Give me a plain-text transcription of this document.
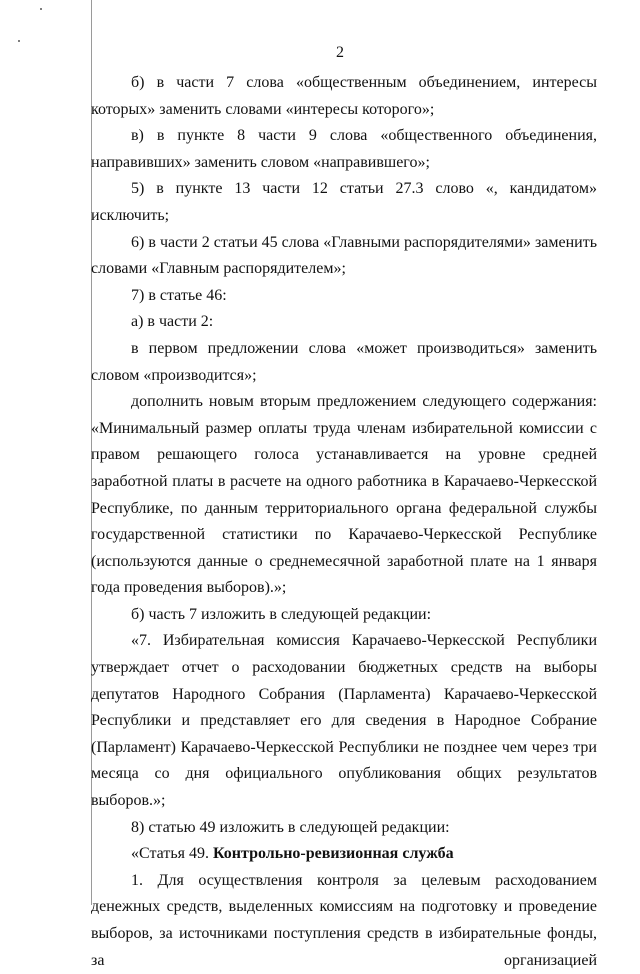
2

б) в части 7 слова «общественным объединением, интересы которых» заменить словами «интересы которого»;

в) в пункте 8 части 9 слова «общественного объединения, направивших» заменить словом «направившего»;

5) в пункте 13 части 12 статьи 27.3 слово «, кандидатом» исключить;

6) в части 2 статьи 45 слова «Главными распорядителями» заменить словами «Главным распорядителем»;

7) в статье 46:

а) в части 2:

в первом предложении слова «может производиться» заменить словом «производится»;

дополнить новым вторым предложением следующего содержания: «Минимальный размер оплаты труда членам избирательной комиссии с правом решающего голоса устанавливается на уровне средней заработной платы в расчете на одного работника в Карачаево-Черкесской Республике, по данным территориального органа федеральной службы государственной статистики по Карачаево-Черкесской Республике (используются данные о среднемесячной заработной плате на 1 января года проведения выборов).»;

б) часть 7 изложить в следующей редакции:

«7. Избирательная комиссия Карачаево-Черкесской Республики утверждает отчет о расходовании бюджетных средств на выборы депутатов Народного Собрания (Парламента) Карачаево-Черкесской Республики и представляет его для сведения в Народное Собрание (Парламент) Карачаево-Черкесской Республики не позднее чем через три месяца со дня официального опубликования общих результатов выборов.»;

8) статью 49 изложить в следующей редакции:

«Статья 49. Контрольно-ревизионная служба

1. Для осуществления контроля за целевым расходованием денежных средств, выделенных комиссиям на подготовку и проведение выборов, за источниками поступления средств в избирательные фонды, за организацией
